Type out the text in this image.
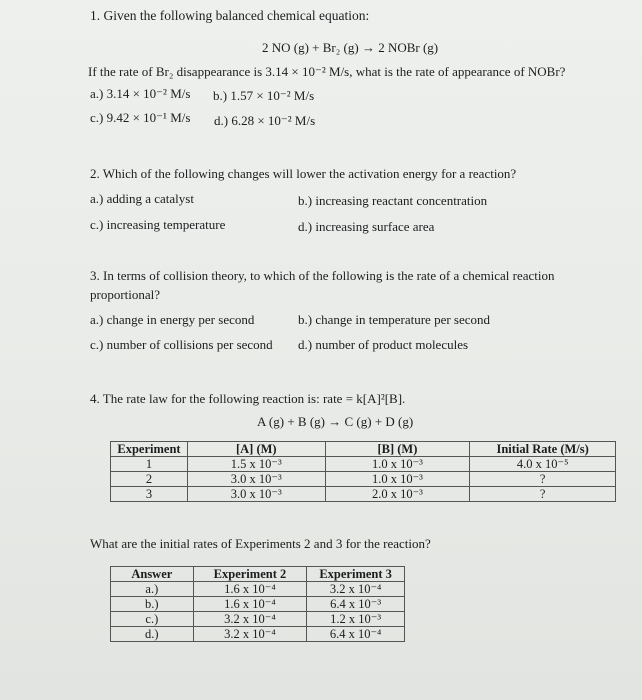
1. Given the following balanced chemical equation:
2 NO (g) + Br₂ (g) → 2 NOBr (g)
If the rate of Br₂ disappearance is 3.14 × 10⁻² M/s, what is the rate of appearance of NOBr?
a.) 3.14 × 10⁻² M/s b.) 1.57 × 10⁻² M/s
c.) 9.42 × 10⁻¹ M/s d.) 6.28 × 10⁻² M/s
2. Which of the following changes will lower the activation energy for a reaction?
a.) adding a catalyst	b.) increasing reactant concentration
c.) increasing temperature	d.) increasing surface area
3. In terms of collision theory, to which of the following is the rate of a chemical reaction
proportional?
a.) change in energy per second	b.) change in temperature per second
c.) number of collisions per second d.) number of product molecules
4. The rate law for the following reaction is: rate = k[A]²[B].
A (g) + B (g) → C (g) + D (g)
Experiment	[A] (M)	[B] (M)	Initial Rate (M/s)
1	1.5 x 10⁻³	1.0 x 10⁻³	4.0 x 10⁻⁵
2	3.0 x 10⁻³	1.0 x 10⁻³	?
3	3.0 x 10⁻³	2.0 x 10⁻³	?
What are the initial rates of Experiments 2 and 3 for the reaction?
Answer	Experiment 2	Experiment 3
a.)	1.6 x 10⁻⁴	3.2 x 10⁻⁴
b.)	1.6 x 10⁻⁴	6.4 x 10⁻³
c.)	3.2 x 10⁻⁴	1.2 x 10⁻³
d.)	3.2 x 10⁻⁴	6.4 x 10⁻⁴
